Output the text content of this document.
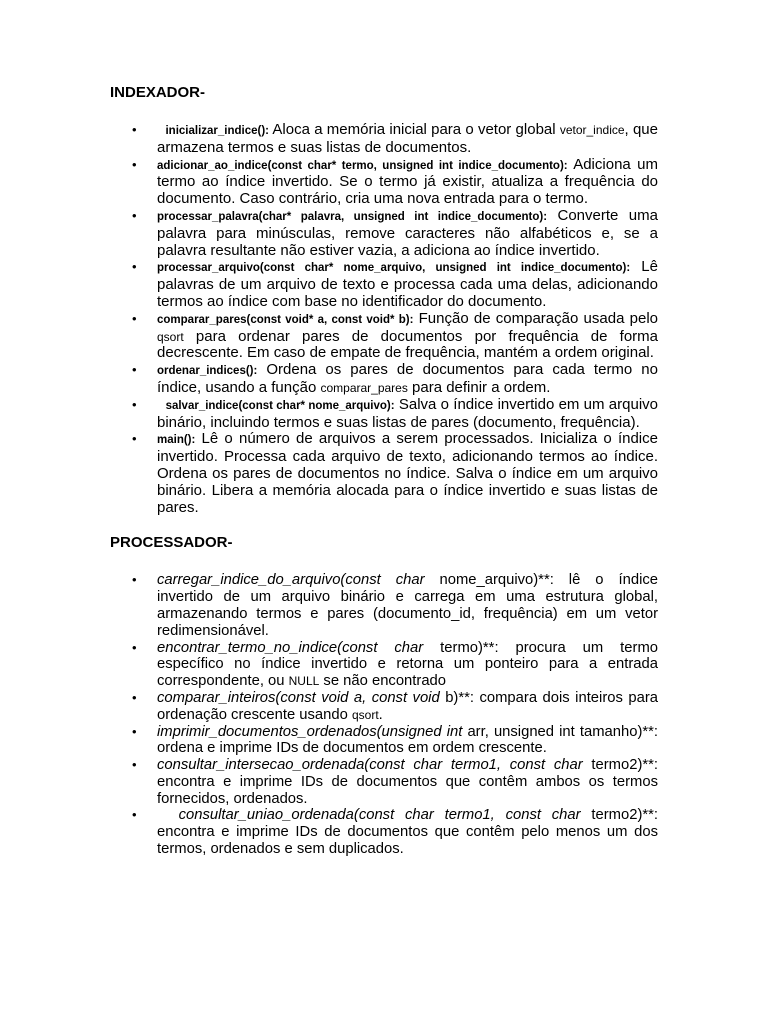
INDEXADOR-
• inicializar_indice(): Aloca a memória inicial para o vetor global vetor_indice, que armazena termos e suas listas de documentos.
• adicionar_ao_indice(const char* termo, unsigned int indice_documento): Adiciona um termo ao índice invertido. Se o termo já existir, atualiza a frequência do documento. Caso contrário, cria uma nova entrada para o termo.
• processar_palavra(char* palavra, unsigned int indice_documento): Converte uma palavra para minúsculas, remove caracteres não alfabéticos e, se a palavra resultante não estiver vazia, a adiciona ao índice invertido.
• processar_arquivo(const char* nome_arquivo, unsigned int indice_documento): Lê palavras de um arquivo de texto e processa cada uma delas, adicionando termos ao índice com base no identificador do documento.
• comparar_pares(const void* a, const void* b): Função de comparação usada pelo qsort para ordenar pares de documentos por frequência de forma decrescente. Em caso de empate de frequência, mantém a ordem original.
• ordenar_indices(): Ordena os pares de documentos para cada termo no índice, usando a função comparar_pares para definir a ordem.
• salvar_indice(const char* nome_arquivo): Salva o índice invertido em um arquivo binário, incluindo termos e suas listas de pares (documento, frequência).
• main(): Lê o número de arquivos a serem processados. Inicializa o índice invertido. Processa cada arquivo de texto, adicionando termos ao índice. Ordena os pares de documentos no índice. Salva o índice em um arquivo binário. Libera a memória alocada para o índice invertido e suas listas de pares.
PROCESSADOR-
• carregar_indice_do_arquivo(const char nome_arquivo)**: lê o índice invertido de um arquivo binário e carrega em uma estrutura global, armazenando termos e pares (documento_id, frequência) em um vetor redimensionável.
• encontrar_termo_no_indice(const char termo)**: procura um termo específico no índice invertido e retorna um ponteiro para a entrada correspondente, ou NULL se não encontrado
• comparar_inteiros(const void a, const void b)**: compara dois inteiros para ordenação crescente usando qsort.
• imprimir_documentos_ordenados(unsigned int arr, unsigned int tamanho)**: ordena e imprime IDs de documentos em ordem crescente.
• consultar_intersecao_ordenada(const char termo1, const char termo2)**: encontra e imprime IDs de documentos que contêm ambos os termos fornecidos, ordenados.
• consultar_uniao_ordenada(const char termo1, const char termo2)**: encontra e imprime IDs de documentos que contêm pelo menos um dos termos, ordenados e sem duplicados.
